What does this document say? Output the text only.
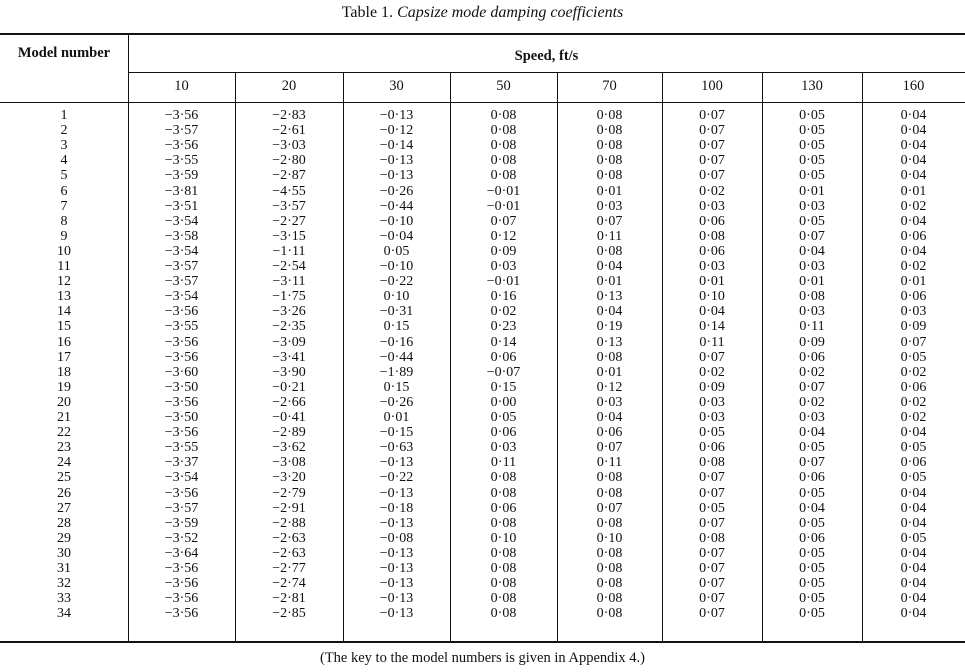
Table 1. Capsize mode damping coefficients
Model number	Speed, ft/s
10	20	30	50	70	100	130	160
1	−3·56	−2·83	−0·13	0·08	0·08	0·07	0·05	0·04
2	−3·57	−2·61	−0·12	0·08	0·08	0·07	0·05	0·04
3	−3·56	−3·03	−0·14	0·08	0·08	0·07	0·05	0·04
4	−3·55	−2·80	−0·13	0·08	0·08	0·07	0·05	0·04
5	−3·59	−2·87	−0·13	0·08	0·08	0·07	0·05	0·04
6	−3·81	−4·55	−0·26	−0·01	0·01	0·02	0·01	0·01
7	−3·51	−3·57	−0·44	−0·01	0·03	0·03	0·03	0·02
8	−3·54	−2·27	−0·10	0·07	0·07	0·06	0·05	0·04
9	−3·58	−3·15	−0·04	0·12	0·11	0·08	0·07	0·06
10	−3·54	−1·11	0·05	0·09	0·08	0·06	0·04	0·04
11	−3·57	−2·54	−0·10	0·03	0·04	0·03	0·03	0·02
12	−3·57	−3·11	−0·22	−0·01	0·01	0·01	0·01	0·01
13	−3·54	−1·75	0·10	0·16	0·13	0·10	0·08	0·06
14	−3·56	−3·26	−0·31	0·02	0·04	0·04	0·03	0·03
15	−3·55	−2·35	0·15	0·23	0·19	0·14	0·11	0·09
16	−3·56	−3·09	−0·16	0·14	0·13	0·11	0·09	0·07
17	−3·56	−3·41	−0·44	0·06	0·08	0·07	0·06	0·05
18	−3·60	−3·90	−1·89	−0·07	0·01	0·02	0·02	0·02
19	−3·50	−0·21	0·15	0·15	0·12	0·09	0·07	0·06
20	−3·56	−2·66	−0·26	0·00	0·03	0·03	0·02	0·02
21	−3·50	−0·41	0·01	0·05	0·04	0·03	0·03	0·02
22	−3·56	−2·89	−0·15	0·06	0·06	0·05	0·04	0·04
23	−3·55	−3·62	−0·63	0·03	0·07	0·06	0·05	0·05
24	−3·37	−3·08	−0·13	0·11	0·11	0·08	0·07	0·06
25	−3·54	−3·20	−0·22	0·08	0·08	0·07	0·06	0·05
26	−3·56	−2·79	−0·13	0·08	0·08	0·07	0·05	0·04
27	−3·57	−2·91	−0·18	0·06	0·07	0·05	0·04	0·04
28	−3·59	−2·88	−0·13	0·08	0·08	0·07	0·05	0·04
29	−3·52	−2·63	−0·08	0·10	0·10	0·08	0·06	0·05
30	−3·64	−2·63	−0·13	0·08	0·08	0·07	0·05	0·04
31	−3·56	−2·77	−0·13	0·08	0·08	0·07	0·05	0·04
32	−3·56	−2·74	−0·13	0·08	0·08	0·07	0·05	0·04
33	−3·56	−2·81	−0·13	0·08	0·08	0·07	0·05	0·04
34	−3·56	−2·85	−0·13	0·08	0·08	0·07	0·05	0·04
(The key to the model numbers is given in Appendix 4.)
